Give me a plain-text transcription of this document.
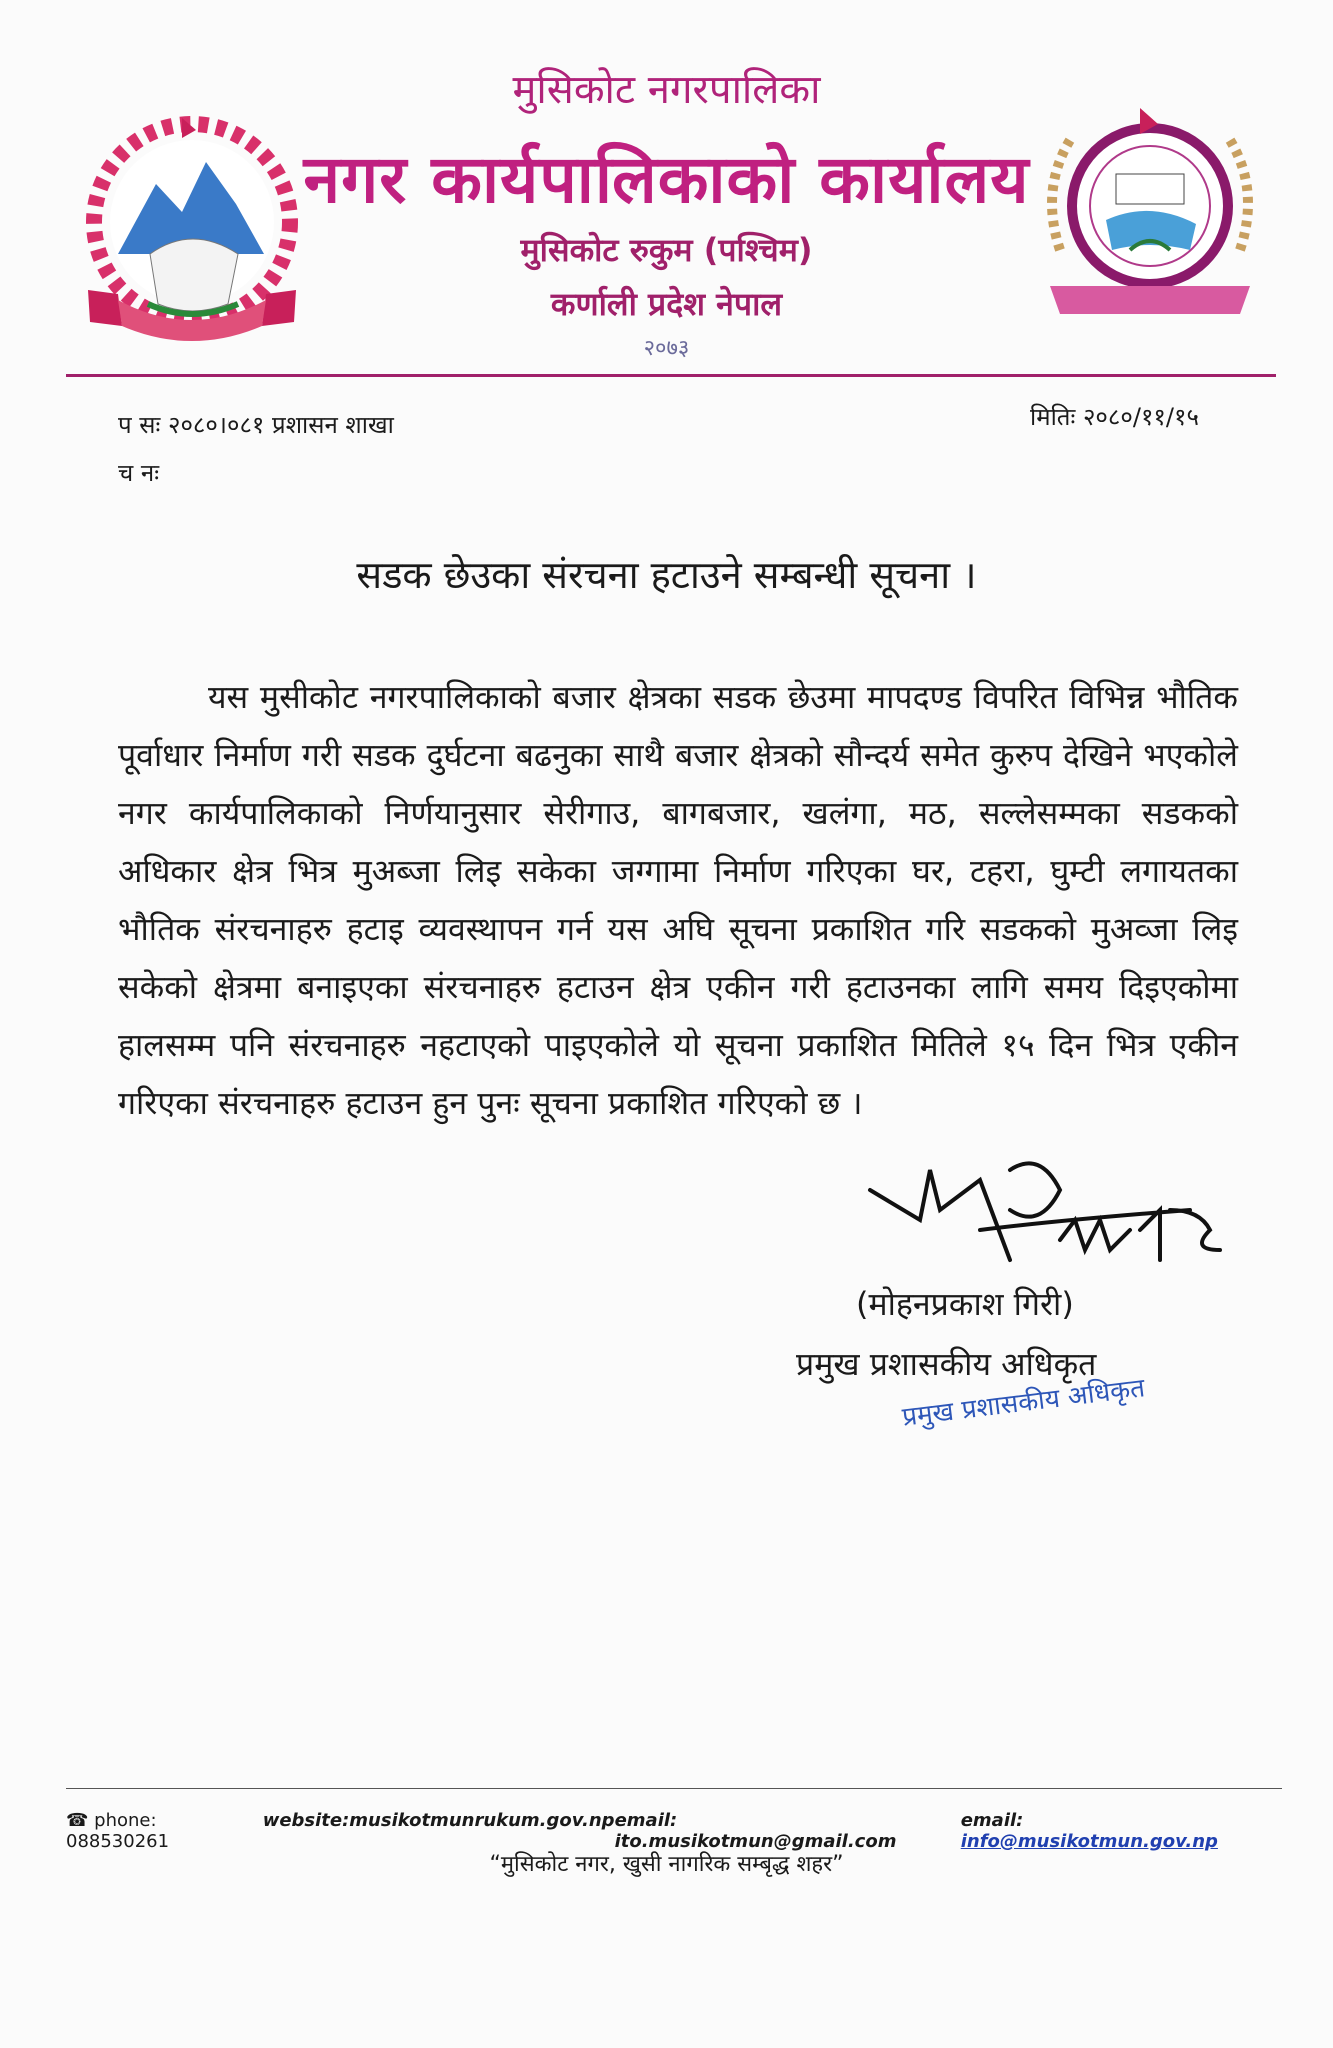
मुसिकोट नगरपालिका
नगर कार्यपालिकाको कार्यालय
मुसिकोट रुकुम (पश्चिम)
कर्णाली प्रदेश नेपाल
२०७३
प सः २०८०।०८१ प्रशासन शाखा	मितिः २०८०/११/१५
च नः
सडक छेउका संरचना हटाउने सम्बन्धी सूचना ।
यस मुसीकोट नगरपालिकाको बजार क्षेत्रका सडक छेउमा मापदण्ड विपरित विभिन्न भौतिक पूर्वाधार निर्माण गरी सडक दुर्घटना बढनुका साथै बजार क्षेत्रको सौन्दर्य समेत कुरुप देखिने भएकोले नगर कार्यपालिकाको निर्णयानुसार सेरीगाउ, बागबजार, खलंगा, मठ, सल्लेसम्मका सडकको अधिकार क्षेत्र भित्र मुअब्जा लिइ सकेका जग्गामा निर्माण गरिएका घर, टहरा, घुम्टी लगायतका भौतिक संरचनाहरु हटाइ व्यवस्थापन गर्न यस अघि सूचना प्रकाशित गरि सडकको मुअव्जा लिइ सकेको क्षेत्रमा बनाइएका संरचनाहरु हटाउन क्षेत्र एकीन गरी हटाउनका लागि समय दिइएकोमा हालसम्म पनि संरचनाहरु नहटाएको पाइएकोले यो सूचना प्रकाशित मितिले १५ दिन भित्र एकीन गरिएका संरचनाहरु हटाउन हुन पुनः सूचना प्रकाशित गरिएको छ ।
(मोहनप्रकाश गिरी)
प्रमुख प्रशासकीय अधिकृत
प्रमुख प्रशासकीय अधिकृत
☎ phone: 088530261
website:musikotmunrukum.gov.np email: ito.musikotmun@gmail.com
email: info@musikotmun.gov.np
“मुसिकोट नगर, खुसी नागरिक सम्बृद्ध शहर”
